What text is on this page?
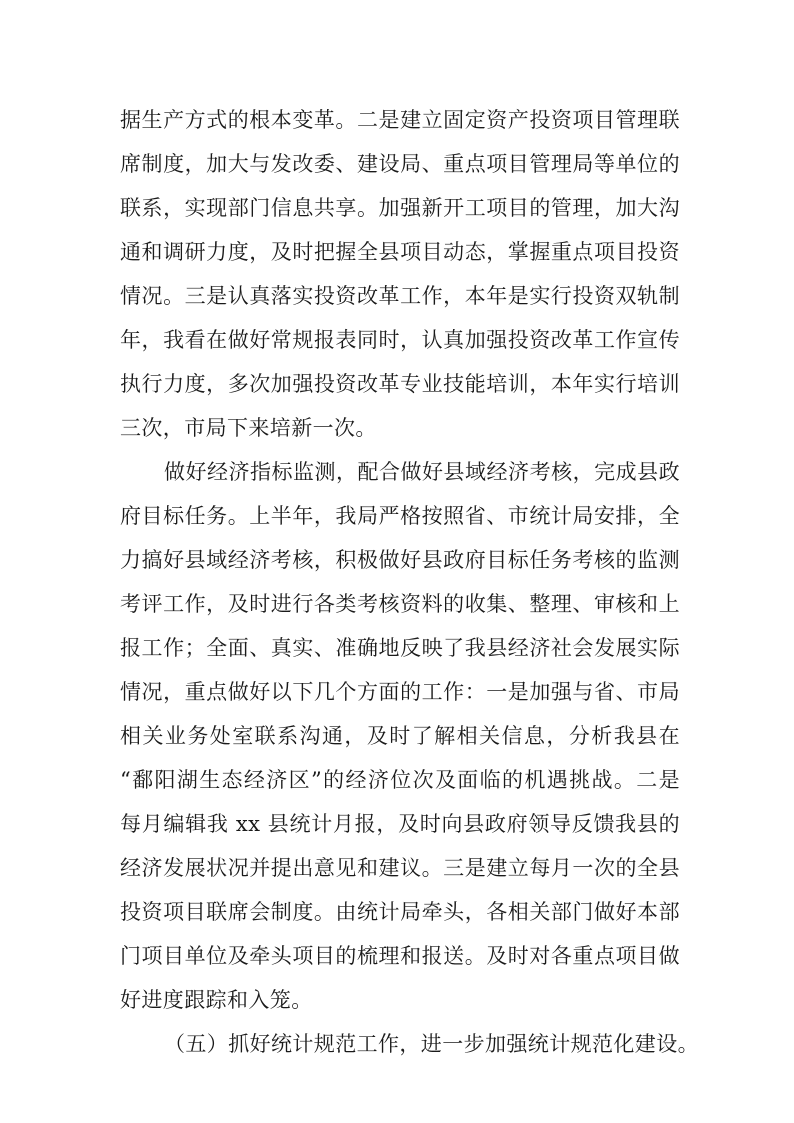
据生产方式的根本变革。二是建立固定资产投资项目管理联
席制度，加大与发改委、建设局、重点项目管理局等单位的
联系，实现部门信息共享。加强新开工项目的管理，加大沟
通和调研力度，及时把握全县项目动态，掌握重点项目投资
情况。三是认真落实投资改革工作，本年是实行投资双轨制
年，我看在做好常规报表同时，认真加强投资改革工作宣传
执行力度，多次加强投资改革专业技能培训，本年实行培训
三次，市局下来培新一次。
做好经济指标监测，配合做好县域经济考核，完成县政
府目标任务。上半年，我局严格按照省、市统计局安排，全
力搞好县域经济考核，积极做好县政府目标任务考核的监测
考评工作，及时进行各类考核资料的收集、整理、审核和上
报工作；全面、真实、准确地反映了我县经济社会发展实际
情况，重点做好以下几个方面的工作：一是加强与省、市局
相关业务处室联系沟通，及时了解相关信息，分析我县在
“鄱阳湖生态经济区”的经济位次及面临的机遇挑战。二是
每月编辑我 xx 县统计月报，及时向县政府领导反馈我县的
经济发展状况并提出意见和建议。三是建立每月一次的全县
投资项目联席会制度。由统计局牵头，各相关部门做好本部
门项目单位及牵头项目的梳理和报送。及时对各重点项目做
好进度跟踪和入笼。
（五）抓好统计规范工作，进一步加强统计规范化建设。
